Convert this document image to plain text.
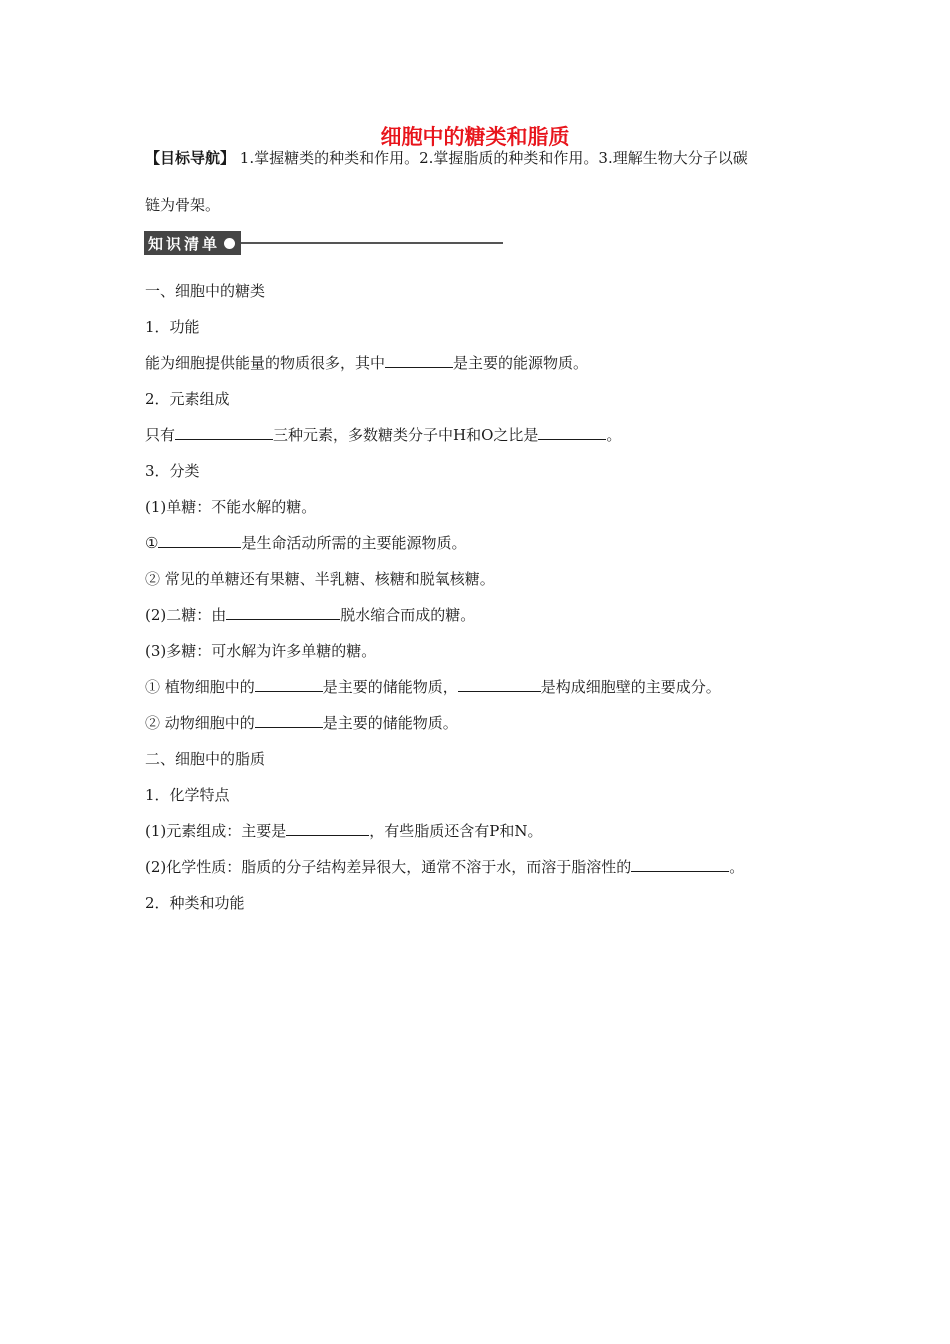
细胞中的糖类和脂质
【目标导航】 1.掌握糖类的种类和作用。2.掌握脂质的种类和作用。3.理解生物大分子以碳
链为骨架。
知识清单
一、细胞中的糖类
1．功能
能为细胞提供能量的物质很多，其中	是主要的能源物质。
2．元素组成
只有	三种元素，多数糖类分子中H和O之比是	。
3．分类
(1)单糖：不能水解的糖。
①	是生命活动所需的主要能源物质。
② 常见的单糖还有果糖、半乳糖、核糖和脱氧核糖。
(2)二糖：由	脱水缩合而成的糖。
(3)多糖：可水解为许多单糖的糖。
① 植物细胞中的	是主要的储能物质，	是构成细胞壁的主要成分。
② 动物细胞中的	是主要的储能物质。
二、细胞中的脂质
1．化学特点
(1)元素组成：主要是	，有些脂质还含有P和N。
(2)化学性质：脂质的分子结构差异很大，通常不溶于水，而溶于脂溶性的	。
2．种类和功能
